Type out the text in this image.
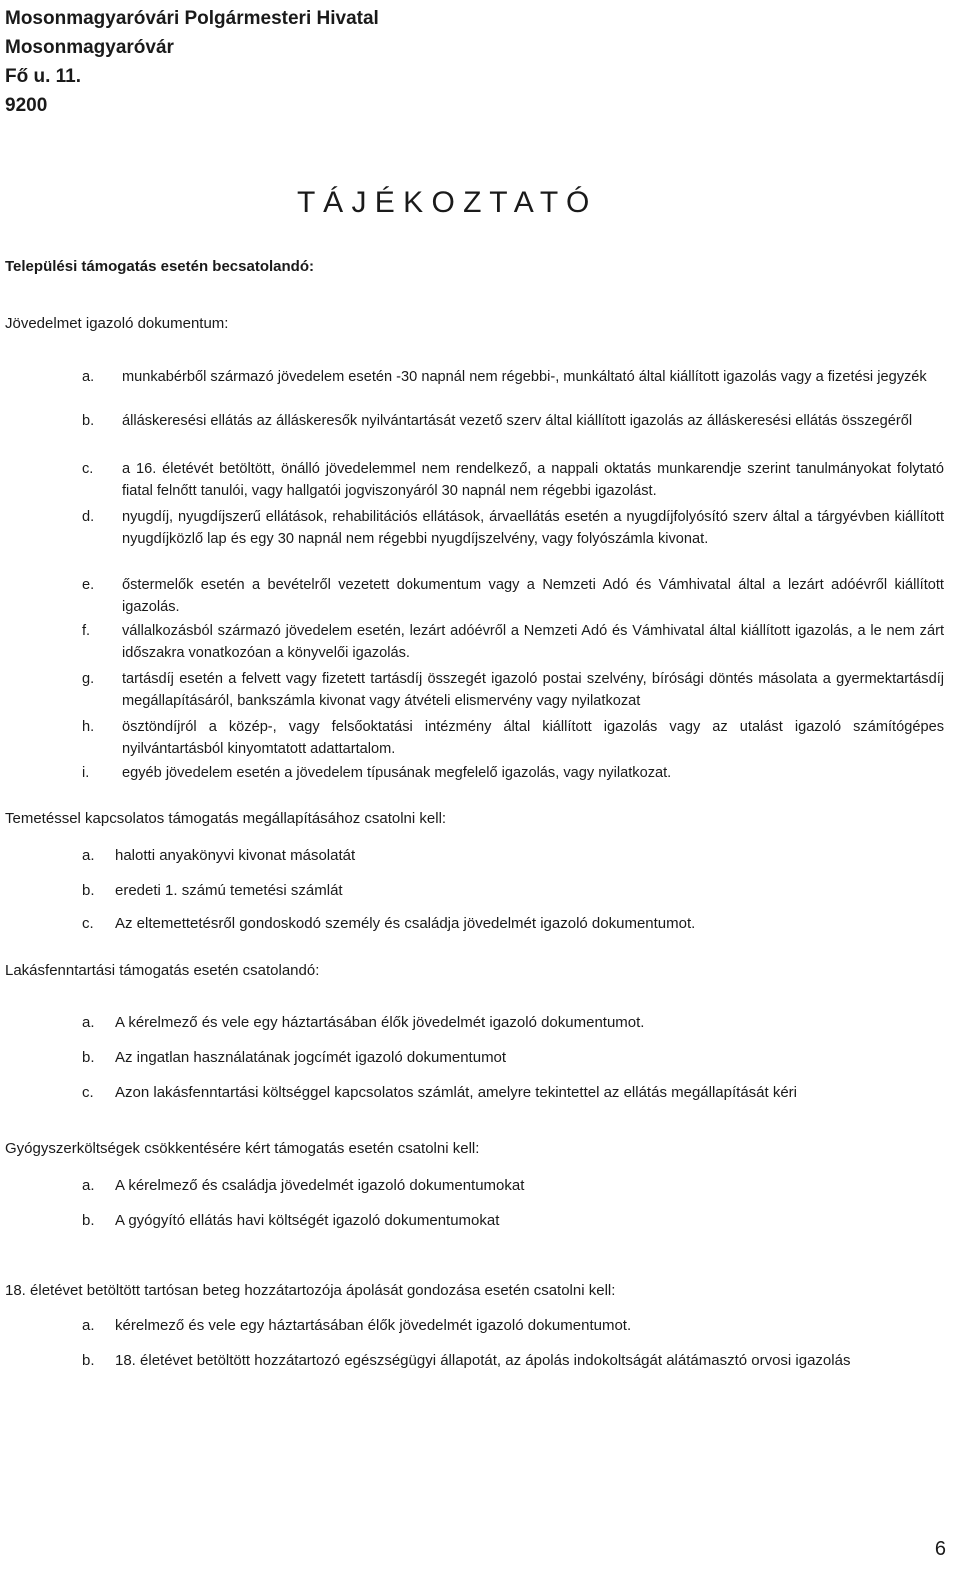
Mosonmagyaróvári Polgármesteri Hivatal
Mosonmagyaróvár
Fő u. 11.
9200
T Á J É K O Z T A T Ó
Települési támogatás esetén becsatolandó:
Jövedelmet igazoló dokumentum:
a.	munkabérből származó jövedelem esetén -30 napnál nem régebbi-, munkáltató által kiállított igazolás vagy a fizetési jegyzék
b.	álláskeresési ellátás az álláskeresők nyilvántartását vezető szerv által kiállított igazolás az álláskeresési ellátás összegéről
c.	a 16. életévét betöltött, önálló jövedelemmel nem rendelkező, a nappali oktatás munkarendje szerint tanulmányokat folytató fiatal felnőtt tanulói, vagy hallgatói jogviszonyáról 30 napnál nem régebbi igazolást.
d.	nyugdíj, nyugdíjszerű ellátások, rehabilitációs ellátások, árvaellátás esetén a nyugdíjfolyósító szerv által a tárgyévben kiállított nyugdíjközlő lap és egy 30 napnál nem régebbi nyugdíjszelvény, vagy folyószámla kivonat.
e.	őstermelők esetén a bevételről vezetett dokumentum vagy a Nemzeti Adó és Vámhivatal által a lezárt adóévről kiállított igazolás.
f.	vállalkozásból származó jövedelem esetén, lezárt adóévről a Nemzeti Adó és Vámhivatal által kiállított igazolás, a le nem zárt időszakra vonatkozóan a könyvelői igazolás.
g.	tartásdíj esetén a felvett vagy fizetett tartásdíj összegét igazoló postai szelvény, bírósági döntés másolata a gyermektartásdíj megállapításáról, bankszámla kivonat vagy átvételi elismervény vagy nyilatkozat
h.	ösztöndíjról a közép-, vagy felsőoktatási intézmény által kiállított igazolás vagy az utalást igazoló számítógépes nyilvántartásból kinyomtatott adattartalom.
i.	egyéb jövedelem esetén a jövedelem típusának megfelelő igazolás, vagy nyilatkozat.
Temetéssel kapcsolatos támogatás megállapításához csatolni kell:
a.	halotti anyakönyvi kivonat másolatát
b.	eredeti 1. számú temetési számlát
c.	Az eltemettetésről gondoskodó személy és családja jövedelmét igazoló dokumentumot.
Lakásfenntartási támogatás esetén csatolandó:
a.	A kérelmező és vele egy háztartásában élők jövedelmét igazoló dokumentumot.
b.	Az ingatlan használatának jogcímét igazoló dokumentumot
c.	Azon lakásfenntartási költséggel kapcsolatos számlát, amelyre tekintettel az ellátás megállapítását kéri
Gyógyszerköltségek csökkentésére kért támogatás esetén csatolni kell:
a.	A kérelmező és családja jövedelmét igazoló dokumentumokat
b.	A gyógyító ellátás havi költségét igazoló dokumentumokat
18. életévet betöltött tartósan beteg hozzátartozója ápolását gondozása esetén csatolni kell:
a.	kérelmező és vele egy háztartásában élők jövedelmét igazoló dokumentumot.
b.	18. életévet betöltött hozzátartozó egészségügyi állapotát, az ápolás indokoltságát alátámasztó orvosi igazolás
6
